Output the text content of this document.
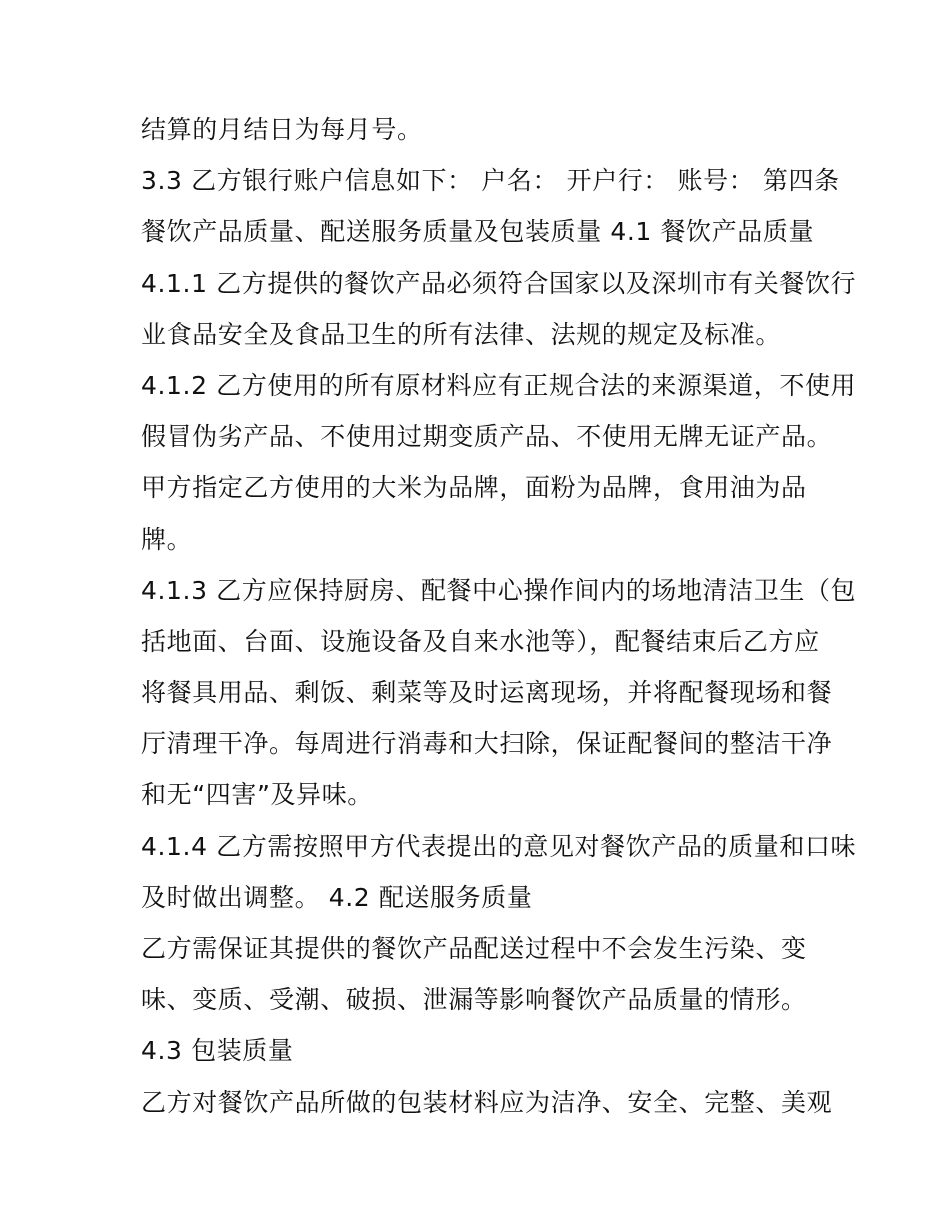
结算的月结日为每月号。
3.3 乙方银行账户信息如下： 户名： 开户行： 账号： 第四条
餐饮产品质量、配送服务质量及包装质量 4.1 餐饮产品质量
4.1.1 乙方提供的餐饮产品必须符合国家以及深圳市有关餐饮行
业食品安全及食品卫生的所有法律、法规的规定及标准。
4.1.2 乙方使用的所有原材料应有正规合法的来源渠道，不使用
假冒伪劣产品、不使用过期变质产品、不使用无牌无证产品。
甲方指定乙方使用的大米为品牌，面粉为品牌，食用油为品
牌。
4.1.3 乙方应保持厨房、配餐中心操作间内的场地清洁卫生（包
括地面、台面、设施设备及自来水池等），配餐结束后乙方应
将餐具用品、剩饭、剩菜等及时运离现场，并将配餐现场和餐
厅清理干净。每周进行消毒和大扫除，保证配餐间的整洁干净
和无“四害”及异味。
4.1.4 乙方需按照甲方代表提出的意见对餐饮产品的质量和口味
及时做出调整。 4.2 配送服务质量
乙方需保证其提供的餐饮产品配送过程中不会发生污染、变
味、变质、受潮、破损、泄漏等影响餐饮产品质量的情形。
4.3 包装质量
乙方对餐饮产品所做的包装材料应为洁净、安全、完整、美观
